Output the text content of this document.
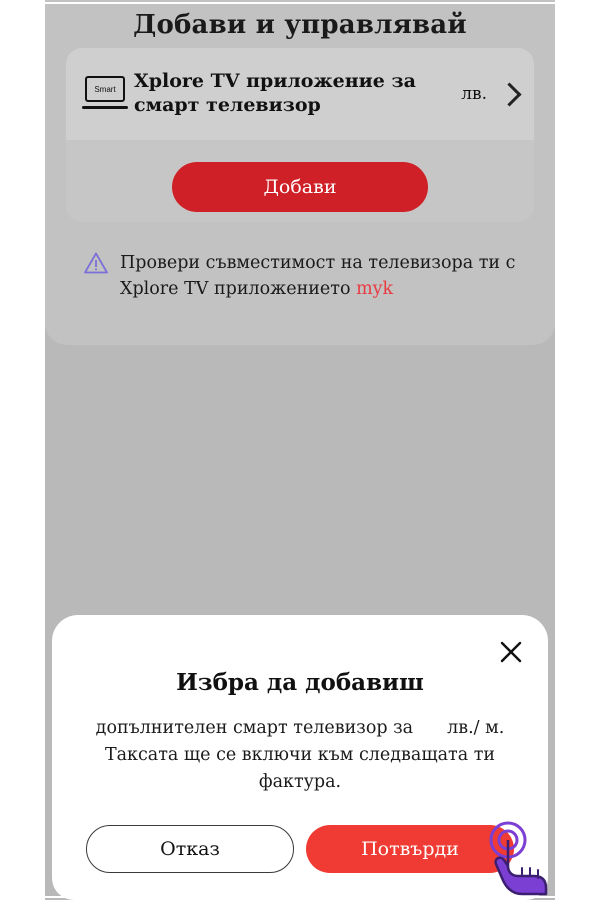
Добави и управлявай
Smart Xplore TV приложение за смарт телевизор	лв.
Добави
Провери съвместимост на телевизора ти с
Xplore TV приложението myk
Избра да добавиш
допълнителен смарт телевизор за лв./ м. Таксата ще се включи към следващата ти фактура.
Отказ	Потвърди
